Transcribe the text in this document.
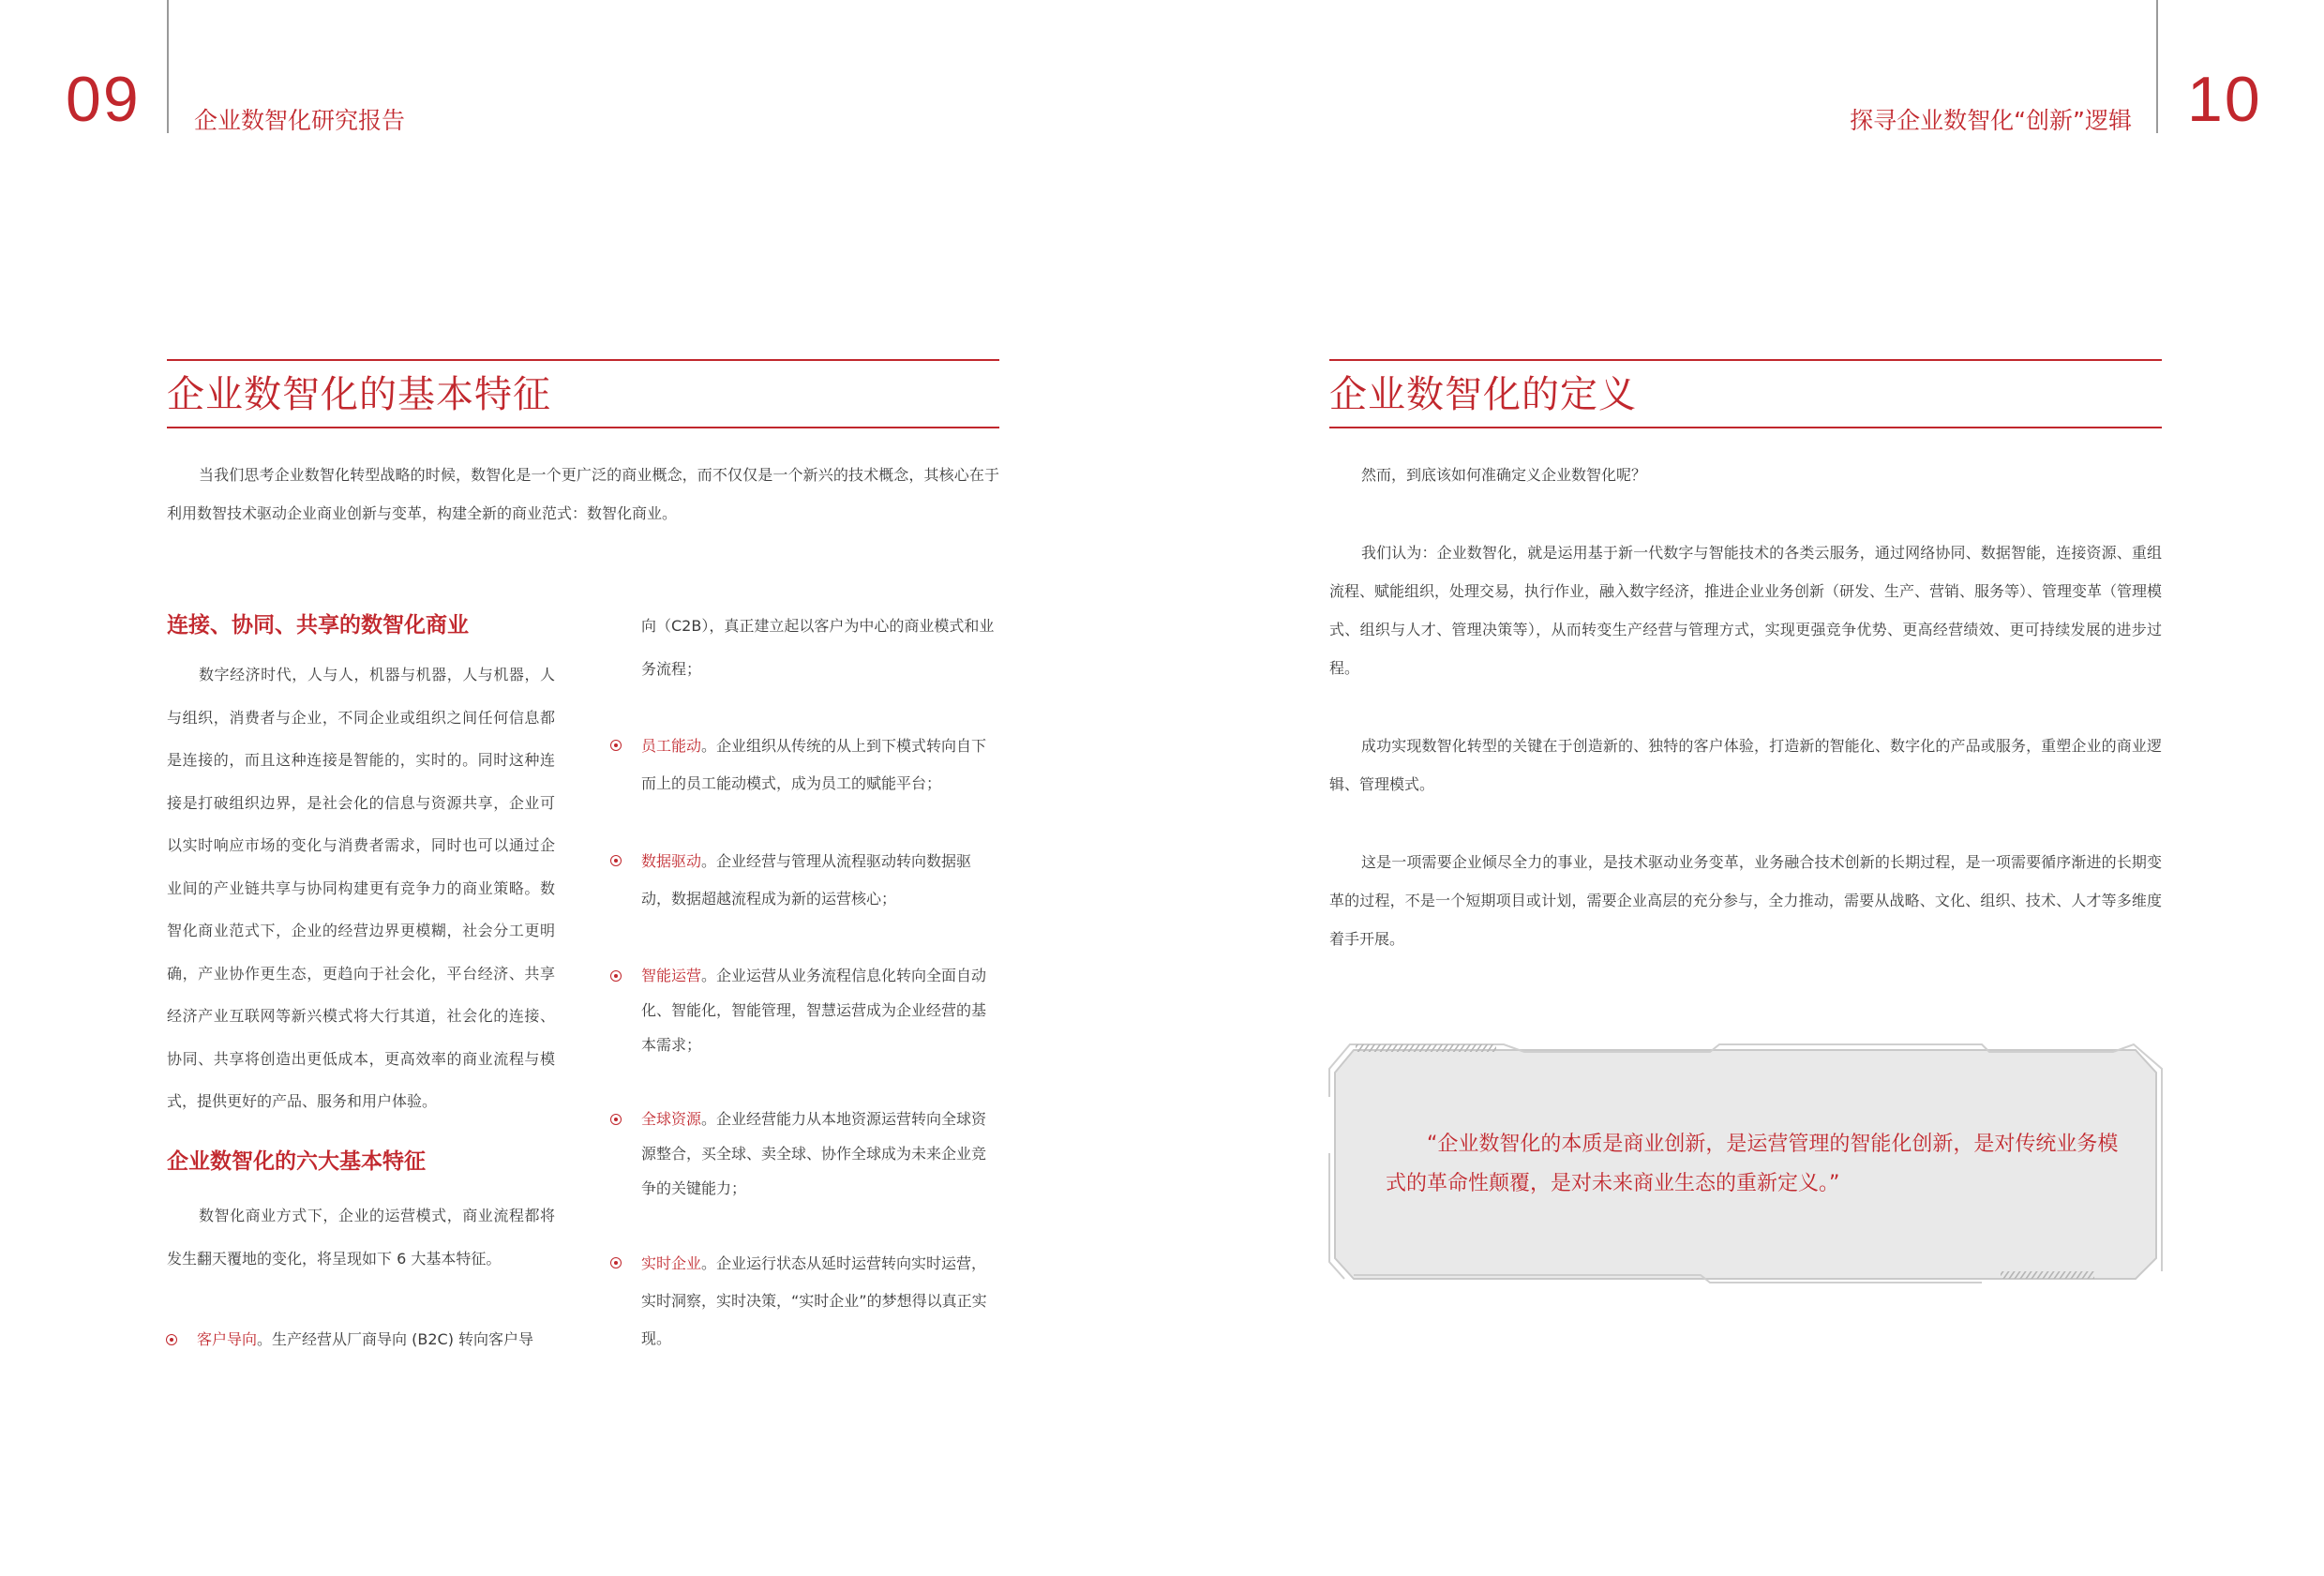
09 企业数智化研究报告	探寻企业数智化“创新”逻辑 10
企业数智化的基本特征
当我们思考企业数智化转型战略的时候，数智化是一个更广泛的商业概念，而不仅仅是一个新兴的技术概念，其核心在于利用数智技术驱动企业商业创新与变革，构建全新的商业范式：数智化商业。
连接、协同、共享的数智化商业
数字经济时代，人与人，机器与机器，人与机器，人与组织，消费者与企业，不同企业或组织之间任何信息都是连接的，而且这种连接是智能的，实时的。同时这种连接是打破组织边界，是社会化的信息与资源共享，企业可以实时响应市场的变化与消费者需求，同时也可以通过企业间的产业链共享与协同构建更有竞争力的商业策略。数智化商业范式下，企业的经营边界更模糊，社会分工更明确，产业协作更生态，更趋向于社会化，平台经济、共享经济产业互联网等新兴模式将大行其道，社会化的连接、协同、共享将创造出更低成本，更高效率的商业流程与模式，提供更好的产品、服务和用户体验。
企业数智化的六大基本特征
数智化商业方式下，企业的运营模式，商业流程都将发生翻天覆地的变化，将呈现如下 6 大基本特征。
客户导向。生产经营从厂商导向 (B2C) 转向客户导
向（C2B），真正建立起以客户为中心的商业模式和业务流程；
员工能动。企业组织从传统的从上到下模式转向自下而上的员工能动模式，成为员工的赋能平台；
数据驱动。企业经营与管理从流程驱动转向数据驱动，数据超越流程成为新的运营核心；
智能运营。企业运营从业务流程信息化转向全面自动化、智能化，智能管理，智慧运营成为企业经营的基本需求；
全球资源。企业经营能力从本地资源运营转向全球资源整合，买全球、卖全球、协作全球成为未来企业竞争的关键能力；
实时企业。企业运行状态从延时运营转向实时运营，实时洞察，实时决策，“实时企业”的梦想得以真正实现。
企业数智化的定义
然而，到底该如何准确定义企业数智化呢？
我们认为：企业数智化，就是运用基于新一代数字与智能技术的各类云服务，通过网络协同、数据智能，连接资源、重组流程、赋能组织，处理交易，执行作业，融入数字经济，推进企业业务创新（研发、生产、营销、服务等）、管理变革（管理模式、组织与人才、管理决策等），从而转变生产经营与管理方式，实现更强竞争优势、更高经营绩效、更可持续发展的进步过程。
成功实现数智化转型的关键在于创造新的、独特的客户体验，打造新的智能化、数字化的产品或服务，重塑企业的商业逻辑、管理模式。
这是一项需要企业倾尽全力的事业，是技术驱动业务变革，业务融合技术创新的长期过程，是一项需要循序渐进的长期变革的过程，不是一个短期项目或计划，需要企业高层的充分参与，全力推动，需要从战略、文化、组织、技术、人才等多维度着手开展。
“企业数智化的本质是商业创新，是运营管理的智能化创新，是对传统业务模式的革命性颠覆，是对未来商业生态的重新定义。”
